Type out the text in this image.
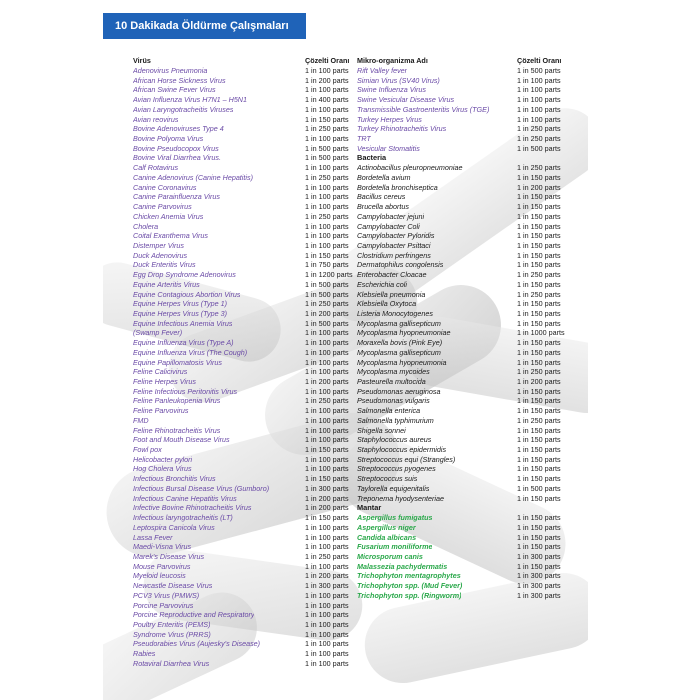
10 Dakikada Öldürme Çalışmaları
Virüs	Çözelti Oranı
Adenovirus Pneumonia	1 in 100 parts
African Horse Sickness Virus	1 in 200 parts
African Swine Fever Virus	1 in 100 parts
Avian Influenza Virus H7N1 – H5N1	1 in 400 parts
Avian Laryngotracheitis Viruses	1 in 100 parts
Avian reovirus	1 in 150 parts
Bovine Adenoviruses Type 4	1 in 250 parts
Bovine Polyoma Virus	1 in 100 parts
Bovine Pseudocopox Virus	1 in 500 parts
Bovine Viral Diarrhea Virus.	1 in 500 parts
Calf Rotavirus	1 in 100 parts
Canine Adenovirus (Canine Hepatitis)	1 in 250 parts
Canine Coronavirus	1 in 100 parts
Canine Parainfluenza Virus	1 in 100 parts
Canine Parvovirus	1 in 100 parts
Chicken Anemia Virus	1 in 250 parts
Cholera	1 in 100 parts
Coital Exanthema Virus	1 in 100 parts
Distemper Virus	1 in 100 parts
Duck Adenovirus	1 in 150 parts
Duck Enteritis Virus	1 in 750 parts
Egg Drop Syndrome Adenovirus	1 in 1200 parts
Equine Arteritis Virus	1 in 500 parts
Equine Contagious Abortion Virus	1 in 500 parts
Equine Herpes Virus (Type 1)	1 in 250 parts
Equine Herpes Virus (Type 3)	1 in 200 parts
Equine Infectious Anemia Virus	1 in 500 parts
(Swamp Fever)	1 in 100 parts
Equine Influenza Virus (Type A)	1 in 100 parts
Equine Influenza Virus (The Cough)	1 in 100 parts
Equine Papillomatosis Virus	1 in 100 parts
Feline Calicivirus	1 in 100 parts
Feline Herpes Virus	1 in 200 parts
Feline Infectious Peritonitis Virus	1 in 100 parts
Feline Panleukopenia Virus	1 in 250 parts
Feline Parvovirus	1 in 100 parts
FMD	1 in 100 parts
Feline Rhinotracheitis Virus	1 in 100 parts
Foot and Mouth Disease Virus	1 in 100 parts
Fowl pox	1 in 150 parts
Helicobacter pylori	1 in 100 parts
Hog Cholera Virus	1 in 100 parts
Infectious Bronchitis Virus	1 in 150 parts
Infectious Bursal Disease Virus (Gumboro)	1 in 300 parts
Infectious Canine Hepatitis Virus	1 in 200 parts
Infective Bovine Rhinotracheitis Virus	1 in 200 parts
Infectious laryngotracheitis (LT)	1 in 150 parts
Leptospira Canicola Virus	1 in 100 parts
Lassa Fever	1 in 100 parts
Maedi-Visna Virus	1 in 100 parts
Marek's Disease Virus	1 in 250 parts
Mouse Parvovirus	1 in 100 parts
Myeloid leucosis	1 in 200 parts
Newcastle Disease Virus	1 in 300 parts
PCV3 Virus (PMWS)	1 in 100 parts
Porcine Parvovirus	1 in 100 parts
Porcine Reproductive and Respiratory	1 in 100 parts
Poultry Enteritis (PEMS)	1 in 100 parts
Syndrome Virus (PRRS)	1 in 100 parts
Pseudorabies Virus (Aujesky's Disease)	1 in 100 parts
Rabies	1 in 100 parts
Rotaviral Diarrhea Virus	1 in 100 parts
Mikro-organizma Adı	Çözelti Oranı
Rift Valley fever	1 in 500 parts
Simian Virus (SV40 Virus)	1 in 100 parts
Swine Influenza Virus	1 in 100 parts
Swine Vesicular Disease Virus	1 in 100 parts
Transmissible Gastroenteritis Virus (TGE)	1 in 100 parts
Turkey Herpes Virus	1 in 100 parts
Turkey Rhinotracheitis Virus	1 in 250 parts
TRT	1 in 250 parts
Vesicular Stomatitis	1 in 500 parts
Bacteria
Actinobacillus pleuropneumoniae	1 in 250 parts
Bordetella avium	1 in 150 parts
Bordetella bronchiseptica	1 in 200 parts
Bacillus cereus	1 in 150 parts
Brucella abortus	1 in 150 parts
Campylobacter jejuni	1 in 150 parts
Campylobacter Coli	1 in 150 parts
Campylobacter Pyloridis	1 in 150 parts
Campylobacter Psittaci	1 in 150 parts
Clostridium perfringens	1 in 150 parts
Dermatophilus congolensis	1 in 150 parts
Enterobacter Cloacae	1 in 250 parts
Escherichia coli	1 in 150 parts
Klebsiella pneumonia	1 in 250 parts
Klebsiella Oxytoca	1 in 150 parts
Listeria Monocytogenes	1 in 150 parts
Mycoplasma gallisepticum	1 in 150 parts
Mycoplasma hyopneumoniae	1 in 1000 parts
Moraxella bovis (Pink Eye)	1 in 150 parts
Mycoplasma gallisepticum	1 in 150 parts
Mycoplasma hyopneumonia	1 in 150 parts
Mycoplasma mycoides	1 in 250 parts
Pasteurella multocida	1 in 200 parts
Pseudomonas aeruginosa	1 in 150 parts
Pseudomonas vulgaris	1 in 150 parts
Salmonella enterica	1 in 150 parts
Salmonella typhimurium	1 in 250 parts
Shigella sonnei	1 in 150 parts
Staphylococcus aureus	1 in 150 parts
Staphylococcus epidermidis	1 in 150 parts
Streptococcus equi (Strangles)	1 in 150 parts
Streptococcus pyogenes	1 in 150 parts
Streptococcus suis	1 in 150 parts
Taylorella equigenitalis	1 in 500 parts
Treponema hyodysenteriae	1 in 150 parts
Mantar
Aspergillus fumigatus	1 in 150 parts
Aspergillus niger	1 in 150 parts
Candida albicans	1 in 150 parts
Fusarium moniliforme	1 in 150 parts
Microsporum canis	1 in 300 parts
Malassezia pachydermatis	1 in 150 parts
Trichophyton mentagrophytes	1 in 300 parts
Trichophyton spp. (Mud Fever)	1 in 300 parts
Trichophyton spp. (Ringworm)	1 in 300 parts
